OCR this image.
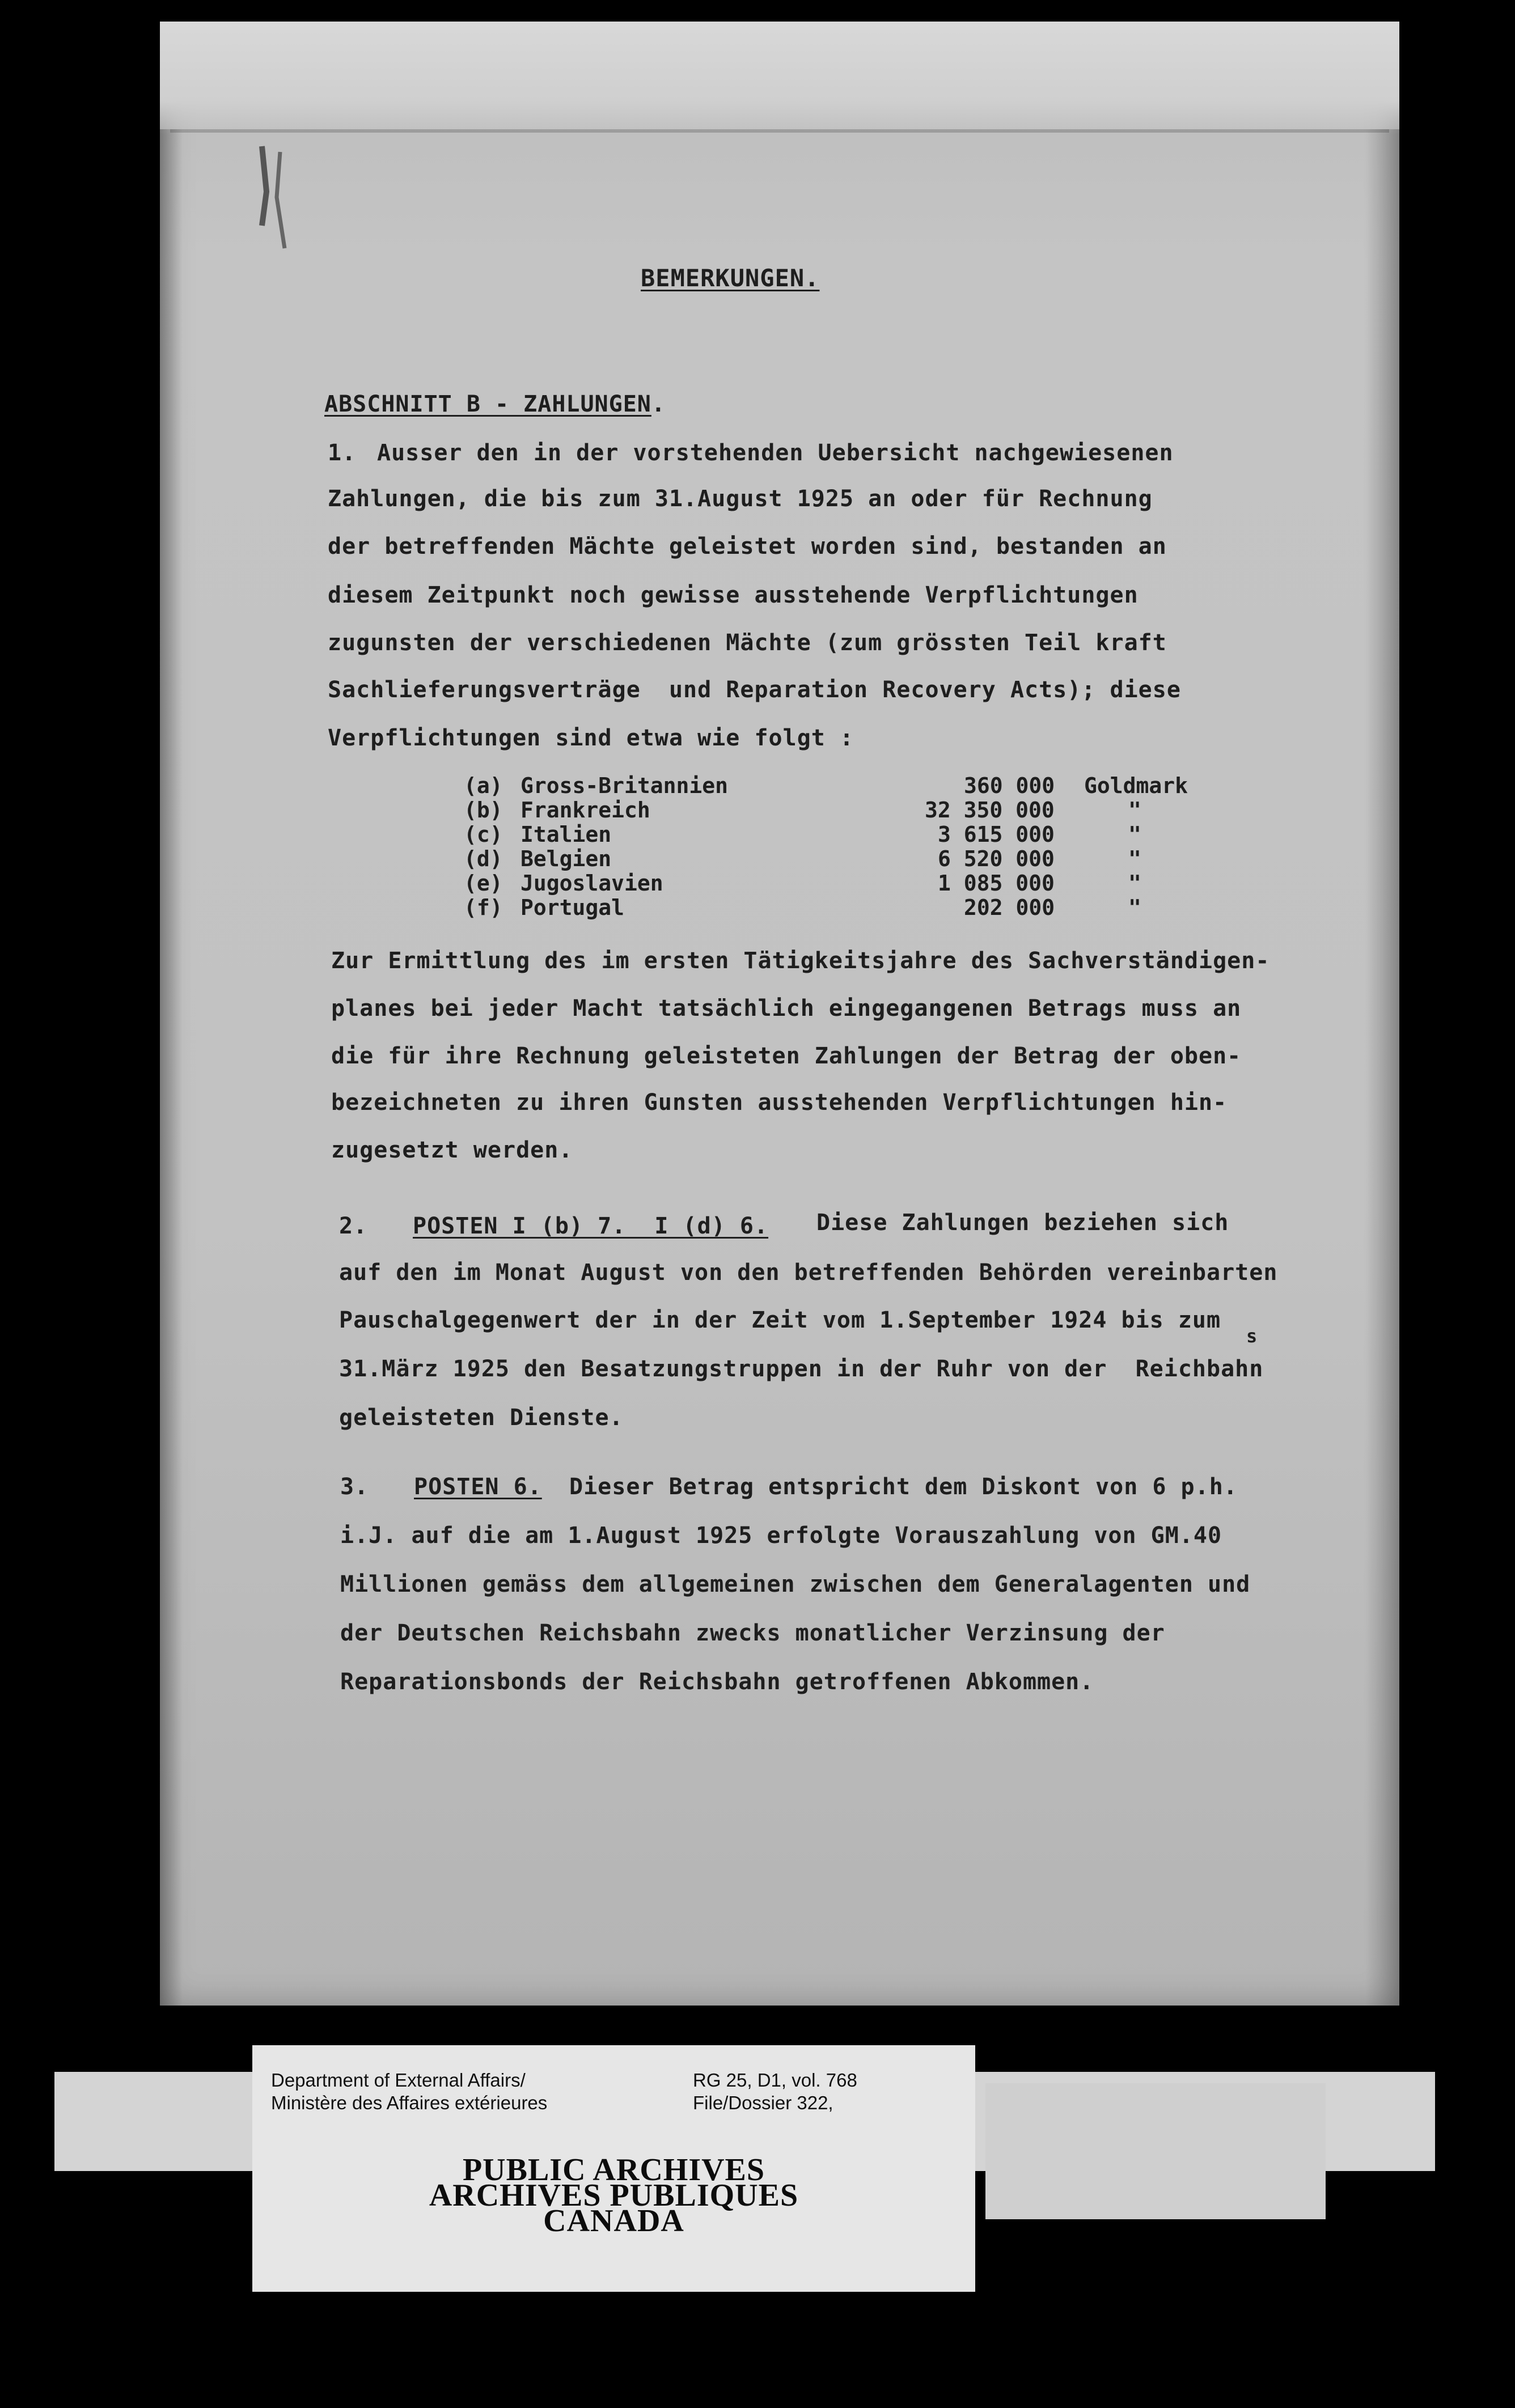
BEMERKUNGEN.
ABSCHNITT B - ZAHLUNGEN.
1. Ausser den in der vorstehenden Uebersicht nachgewiesenen
Zahlungen, die bis zum 31.August 1925 an oder für Rechnung
der betreffenden Mächte geleistet worden sind, bestanden an
diesem Zeitpunkt noch gewisse ausstehende Verpflichtungen
zugunsten der verschiedenen Mächte (zum grössten Teil kraft
Sachlieferungsverträge  und Reparation Recovery Acts); diese
Verpflichtungen sind etwa wie folgt :
(a) Gross-Britannien	360 000 Goldmark
(b) Frankreich	32 350 000	"
(c) Italien	3 615 000	"
(d) Belgien	6 520 000	"
(e) Jugoslavien	1 085 000	"
(f) Portugal	202 000	"
Zur Ermittlung des im ersten Tätigkeitsjahre des Sachverständigen-
planes bei jeder Macht tatsächlich eingegangenen Betrags muss an
die für ihre Rechnung geleisteten Zahlungen der Betrag der oben-
bezeichneten zu ihren Gunsten ausstehenden Verpflichtungen hin-
zugesetzt werden.
2. POSTEN I (b) 7.  I (d) 6. Diese Zahlungen beziehen sich
auf den im Monat August von den betreffenden Behörden vereinbarten
Pauschalgegenwert der in der Zeit vom 1.September 1924 bis zum
s
31.März 1925 den Besatzungstruppen in der Ruhr von der  Reichbahn
geleisteten Dienste.
3. POSTEN 6. Dieser Betrag entspricht dem Diskont von 6 p.h.
i.J. auf die am 1.August 1925 erfolgte Vorauszahlung von GM.40
Millionen gemäss dem allgemeinen zwischen dem Generalagenten und
der Deutschen Reichsbahn zwecks monatlicher Verzinsung der
Reparationsbonds der Reichsbahn getroffenen Abkommen.
Department of External Affairs/
Ministère des Affaires extérieures
RG 25, D1, vol. 768
File/Dossier 322,
PUBLIC ARCHIVES
ARCHIVES PUBLIQUES
CANADA
